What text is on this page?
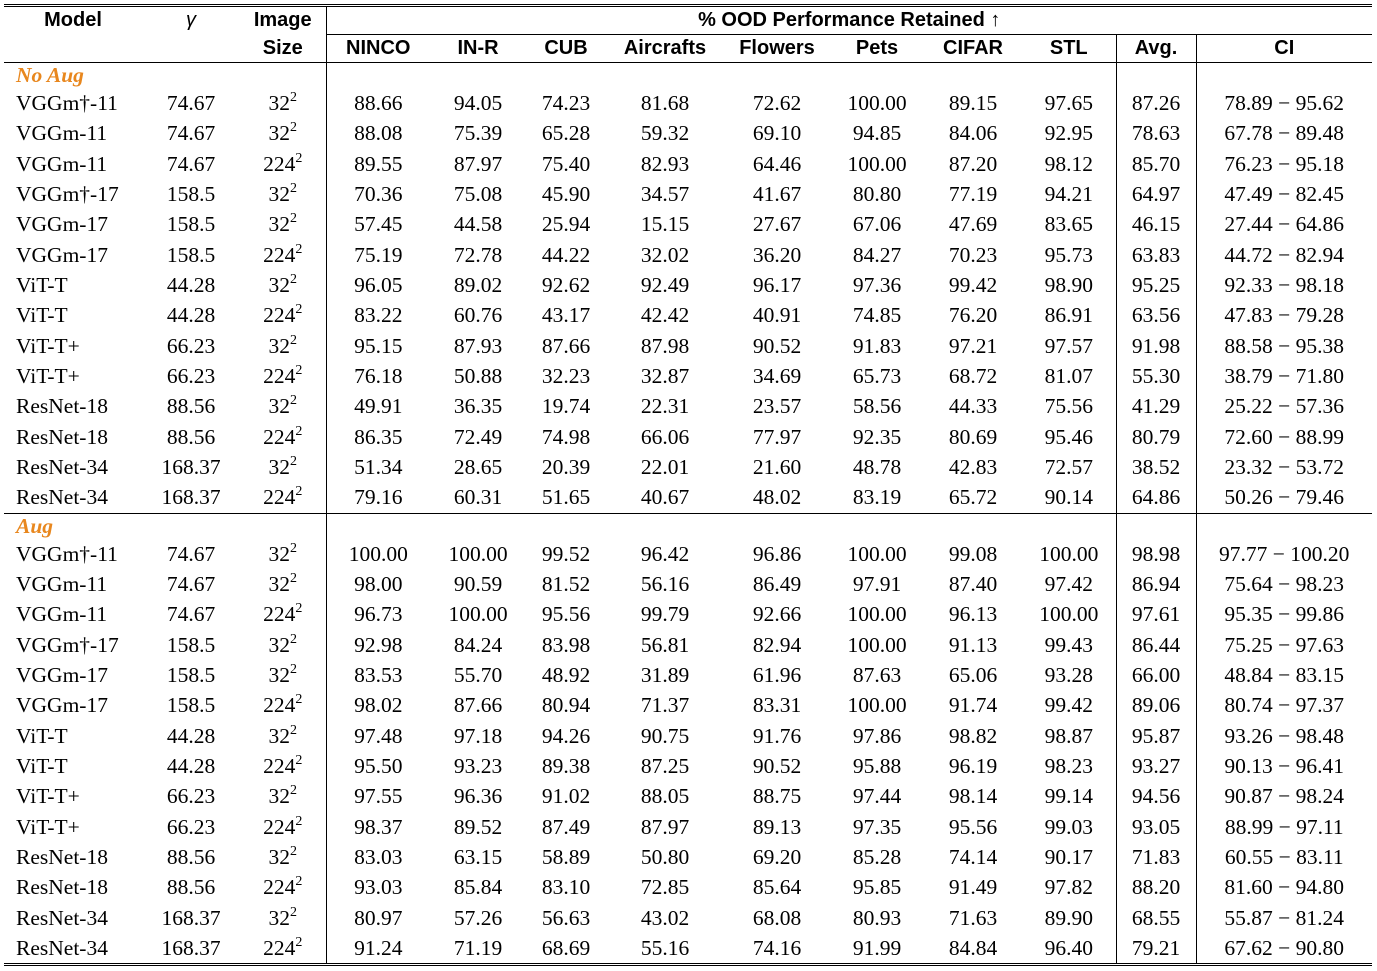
Model	γ	Image	% OOD Performance Retained ↑									
		Size	NINCO	IN-R	CUB	Aircrafts	Flowers	Pets	CIFAR	STL	Avg.	CI
No Aug												
VGGm†-11	74.67	$32^2$	88.66	94.05	74.23	81.68	72.62	100.00	89.15	97.65	87.26	78.89 − 95.62
VGGm-11	74.67	$32^2$	88.08	75.39	65.28	59.32	69.10	94.85	84.06	92.95	78.63	67.78 − 89.48
VGGm-11	74.67	$224^2$	89.55	87.97	75.40	82.93	64.46	100.00	87.20	98.12	85.70	76.23 − 95.18
VGGm†-17	158.5	$32^2$	70.36	75.08	45.90	34.57	41.67	80.80	77.19	94.21	64.97	47.49 − 82.45
VGGm-17	158.5	$32^2$	57.45	44.58	25.94	15.15	27.67	67.06	47.69	83.65	46.15	27.44 − 64.86
VGGm-17	158.5	$224^2$	75.19	72.78	44.22	32.02	36.20	84.27	70.23	95.73	63.83	44.72 − 82.94
ViT-T	44.28	$32^2$	96.05	89.02	92.62	92.49	96.17	97.36	99.42	98.90	95.25	92.33 − 98.18
ViT-T	44.28	$224^2$	83.22	60.76	43.17	42.42	40.91	74.85	76.20	86.91	63.56	47.83 − 79.28
ViT-T+	66.23	$32^2$	95.15	87.93	87.66	87.98	90.52	91.83	97.21	97.57	91.98	88.58 − 95.38
ViT-T+	66.23	$224^2$	76.18	50.88	32.23	32.87	34.69	65.73	68.72	81.07	55.30	38.79 − 71.80
ResNet-18	88.56	$32^2$	49.91	36.35	19.74	22.31	23.57	58.56	44.33	75.56	41.29	25.22 − 57.36
ResNet-18	88.56	$224^2$	86.35	72.49	74.98	66.06	77.97	92.35	80.69	95.46	80.79	72.60 − 88.99
ResNet-34	168.37	$32^2$	51.34	28.65	20.39	22.01	21.60	48.78	42.83	72.57	38.52	23.32 − 53.72
ResNet-34	168.37	$224^2$	79.16	60.31	51.65	40.67	48.02	83.19	65.72	90.14	64.86	50.26 − 79.46
Aug												
VGGm†-11	74.67	$32^2$	100.00	100.00	99.52	96.42	96.86	100.00	99.08	100.00	98.98	97.77 − 100.20
VGGm-11	74.67	$32^2$	98.00	90.59	81.52	56.16	86.49	97.91	87.40	97.42	86.94	75.64 − 98.23
VGGm-11	74.67	$224^2$	96.73	100.00	95.56	99.79	92.66	100.00	96.13	100.00	97.61	95.35 − 99.86
VGGm†-17	158.5	$32^2$	92.98	84.24	83.98	56.81	82.94	100.00	91.13	99.43	86.44	75.25 − 97.63
VGGm-17	158.5	$32^2$	83.53	55.70	48.92	31.89	61.96	87.63	65.06	93.28	66.00	48.84 − 83.15
VGGm-17	158.5	$224^2$	98.02	87.66	80.94	71.37	83.31	100.00	91.74	99.42	89.06	80.74 − 97.37
ViT-T	44.28	$32^2$	97.48	97.18	94.26	90.75	91.76	97.86	98.82	98.87	95.87	93.26 − 98.48
ViT-T	44.28	$224^2$	95.50	93.23	89.38	87.25	90.52	95.88	96.19	98.23	93.27	90.13 − 96.41
ViT-T+	66.23	$32^2$	97.55	96.36	91.02	88.05	88.75	97.44	98.14	99.14	94.56	90.87 − 98.24
ViT-T+	66.23	$224^2$	98.37	89.52	87.49	87.97	89.13	97.35	95.56	99.03	93.05	88.99 − 97.11
ResNet-18	88.56	$32^2$	83.03	63.15	58.89	50.80	69.20	85.28	74.14	90.17	71.83	60.55 − 83.11
ResNet-18	88.56	$224^2$	93.03	85.84	83.10	72.85	85.64	95.85	91.49	97.82	88.20	81.60 − 94.80
ResNet-34	168.37	$32^2$	80.97	57.26	56.63	43.02	68.08	80.93	71.63	89.90	68.55	55.87 − 81.24
ResNet-34	168.37	$224^2$	91.24	71.19	68.69	55.16	74.16	91.99	84.84	96.40	79.21	67.62 − 90.80
